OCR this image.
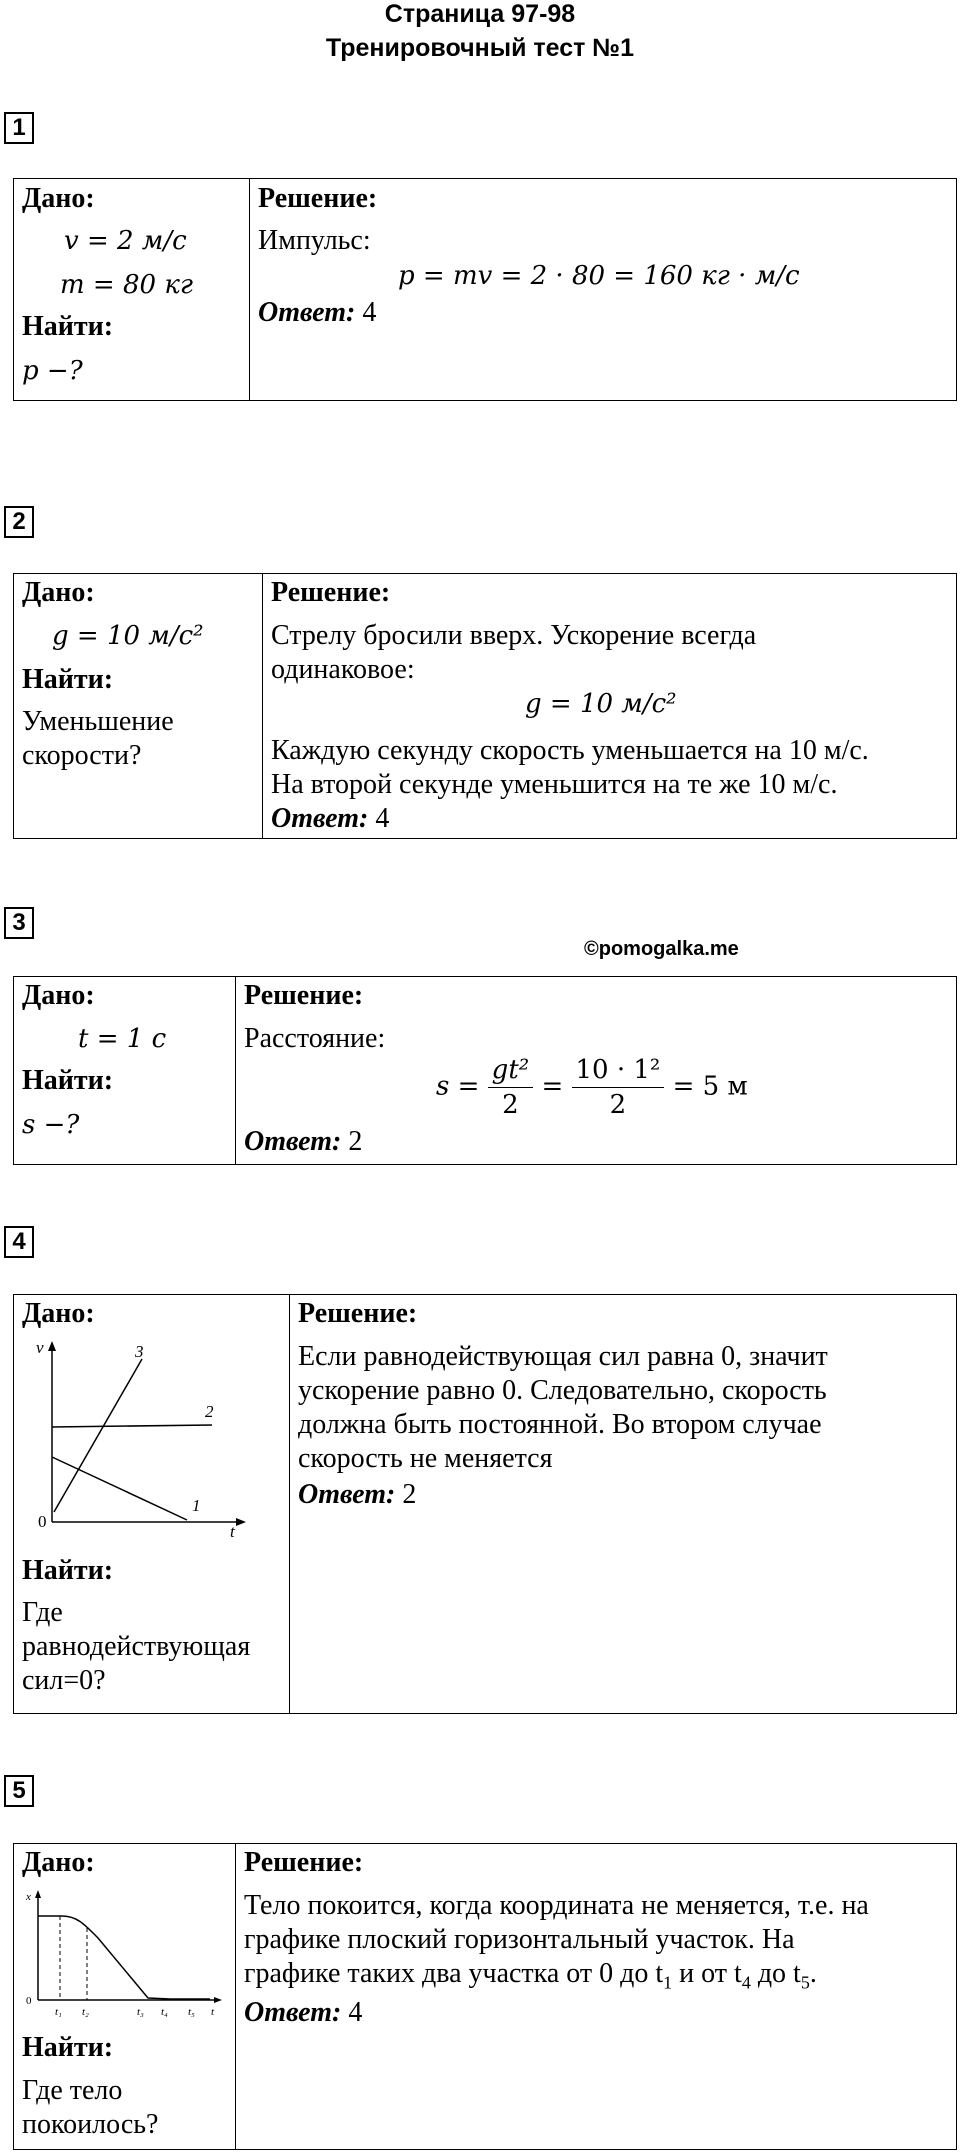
Страница 97-98
Тренировочный тест №1
1
Дано:
v = 2 м/с
m = 80 кг
Найти:
p −?
Решение:
Импульс:
p = mv = 2 · 80 = 160 кг · м/с
Ответ: 4
2
Дано:
g = 10 м/с²
Найти:
Уменьшение
скорости?
Решение:
Стрелу бросили вверх. Ускорение всегда
одинаковое:
g = 10 м/с²
Каждую секунду скорость уменьшается на 10 м/с.
На второй секунде уменьшится на те же 10 м/с.
Ответ: 4
3
©pomogalka.me
Дано:
t = 1 с
Найти:
s −?
Решение:
Расстояние:
$s = \frac{\text{gt²}}{2} = \frac{\text{10 · 1²}}{2} = 5$ м
Ответ: 2
4
Дано:
v
t
0
1
2
3
Найти:
Где
равнодействующая
сил=0?
Решение:
Если равнодействующая сил равна 0, значит
ускорение равно 0. Следовательно, скорость
должна быть постоянной. Во втором случае
скорость не меняется
Ответ: 2
5
Дано:
x
0
t₁ t₂	t₃ t₄ t₅ t
Найти:
Где тело
покоилось?
Решение:
Тело покоится, когда координата не меняется, т.е. на
графике плоский горизонтальный участок. На
графике таких два участка от 0 до $t_1$ и от $t_4$ до $t_5$.
Ответ: 4
